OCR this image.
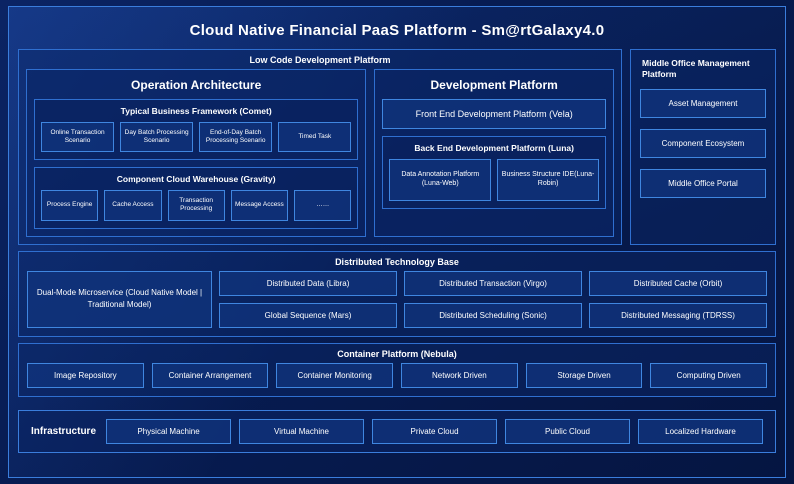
Cloud Native Financial PaaS Platform - Sm@rtGalaxy4.0
Low Code Development Platform
Operation Architecture
Typical Business Framework (Comet)
Online Transaction Scenario
Day Batch Processing Scenario
End-of-Day Batch Processing Scenario
Timed Task
Component Cloud Warehouse (Gravity)
Process Engine	Cache Access
Transaction Processing
Message Access	……
Development Platform
Front End Development Platform (Vela)
Back End Development Platform (Luna)
Data Annotation Platform (Luna-Web)
Business Structure IDE(Luna-Robin)
Middle Office Management Platform
Asset Management
Component Ecosystem
Middle Office Portal
Distributed Technology Base
Dual-Mode Microservice (Cloud Native Model | Traditional Model)
Distributed Data (Libra)
Global Sequence (Mars)
Distributed Transaction (Virgo)
Distributed Scheduling (Sonic)
Distributed Cache (Orbit)
Distributed Messaging (TDRSS)
Container Platform (Nebula)
Image Repository	Container Arrangement	Container Monitoring	Network Driven	Storage Driven	Computing Driven
Infrastructure	Physical Machine	Virtual Machine	Private Cloud	Public Cloud	Localized Hardware
